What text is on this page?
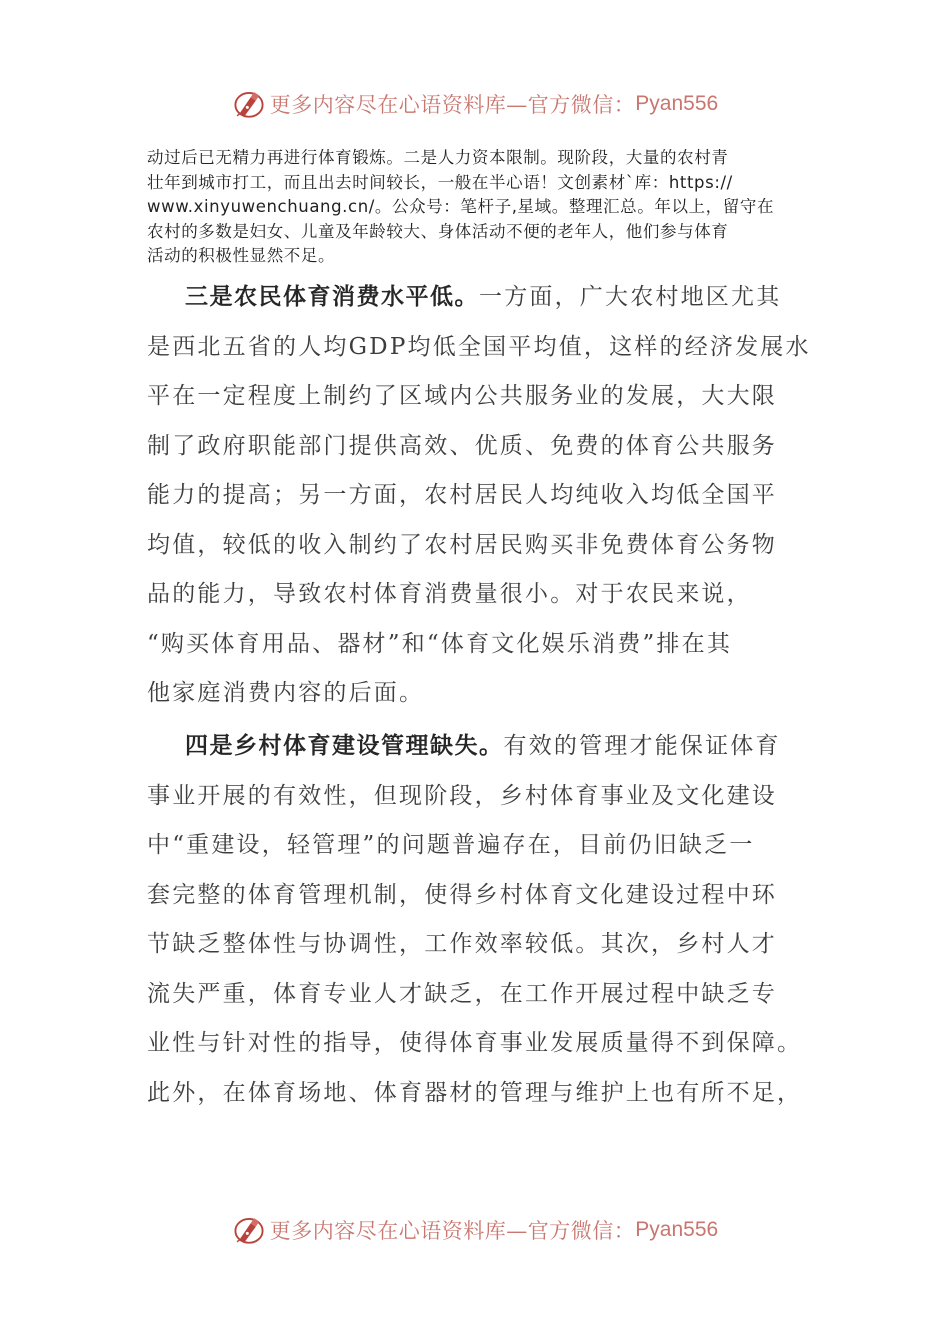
更多内容尽在心语资料库—官方微信： Pyan556
动过后已无精力再进行体育锻炼。二是人力资本限制。现阶段，大量的农村青
壮年到城市打工，而且出去时间较长，一般在半心语！文创素材`库：https://
www.xinyuwenchuang.cn/。公众号：笔杆子,星域。整理汇总。年以上，留守在
农村的多数是妇女、儿童及年龄较大、身体活动不便的老年人，他们参与体育
活动的积极性显然不足。
三是农民体育消费水平低。一方面，广大农村地区尤其
是西北五省的人均GDP均低全国平均值，这样的经济发展水
平在一定程度上制约了区域内公共服务业的发展，大大限
制了政府职能部门提供高效、优质、免费的体育公共服务
能力的提高；另一方面，农村居民人均纯收入均低全国平
均值，较低的收入制约了农村居民购买非免费体育公务物
品的能力，导致农村体育消费量很小。对于农民来说，
“购买体育用品、器材”和“体育文化娱乐消费”排在其
他家庭消费内容的后面。
四是乡村体育建设管理缺失。有效的管理才能保证体育
事业开展的有效性，但现阶段，乡村体育事业及文化建设
中“重建设，轻管理”的问题普遍存在，目前仍旧缺乏一
套完整的体育管理机制，使得乡村体育文化建设过程中环
节缺乏整体性与协调性，工作效率较低。其次，乡村人才
流失严重，体育专业人才缺乏，在工作开展过程中缺乏专
业性与针对性的指导，使得体育事业发展质量得不到保障。
此外，在体育场地、体育器材的管理与维护上也有所不足，
更多内容尽在心语资料库—官方微信： Pyan556
